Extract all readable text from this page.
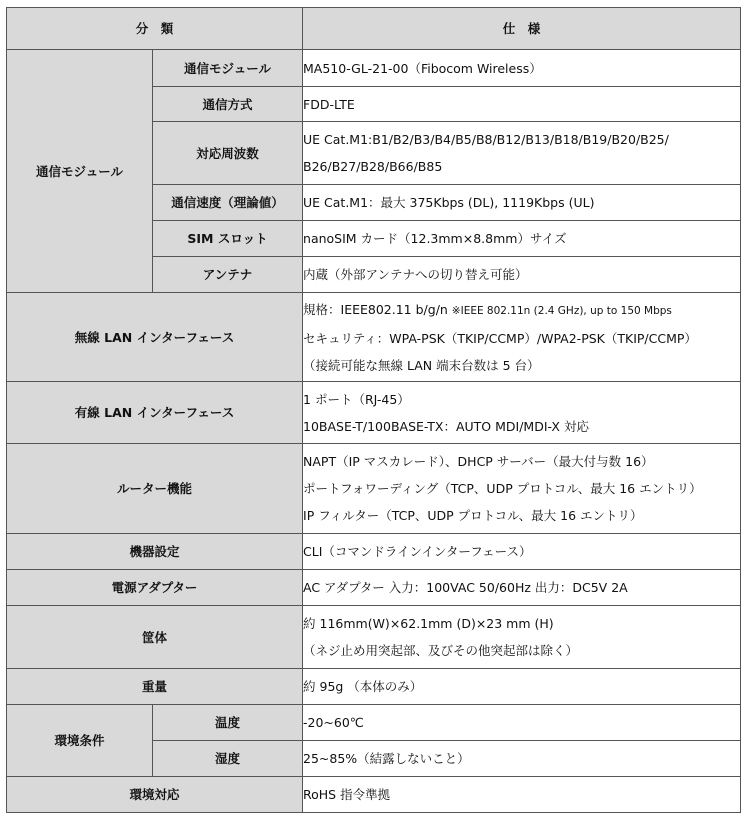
分　類		仕　様
通信モジュール	通信モジュール	MA510-GL-21-00（Fibocom Wireless）

	通信方式	FDD-LTE

	対応周波数	UE Cat.M1:B1/B2/B3/B4/B5/B8/B12/B13/B18/B19/B20/B25/
B26/B27/B28/B66/B85

	通信速度（理論値）	UE Cat.M1：最大 375Kbps (DL), 1119Kbps (UL)

	SIM スロット	nanoSIM カード（12.3mm×8.8mm）サイズ

	アンテナ	内蔵（外部アンテナへの切り替え可能）

無線 LAN インターフェース		規格：IEEE802.11 b/g/n ※IEEE 802.11n (2.4 GHz), up to 150 Mbps
セキュリティ：WPA-PSK（TKIP/CCMP）/WPA2-PSK（TKIP/CCMP）
（接続可能な無線 LAN 端末台数は 5 台）

有線 LAN インターフェース		1 ポート（RJ-45）
10BASE-T/100BASE-TX：AUTO MDI/MDI-X 対応

ルーター機能		NAPT（IP マスカレード）、DHCP サーバー（最大付与数 16）
ポートフォワーディング（TCP、UDP プロトコル、最大 16 エントリ）
IP フィルター（TCP、UDP プロトコル、最大 16 エントリ）

機器設定		CLI（コマンドラインインターフェース）

電源アダプター		AC アダプター 入力：100VAC 50/60Hz 出力：DC5V 2A

筐体		約 116mm(W)×62.1mm (D)×23 mm (H)
（ネジ止め用突起部、及びその他突起部は除く）

重量		約 95g （本体のみ）

環境条件	温度	-20~60℃

	湿度	25~85%（結露しないこと）

環境対応		RoHS 指令準拠
